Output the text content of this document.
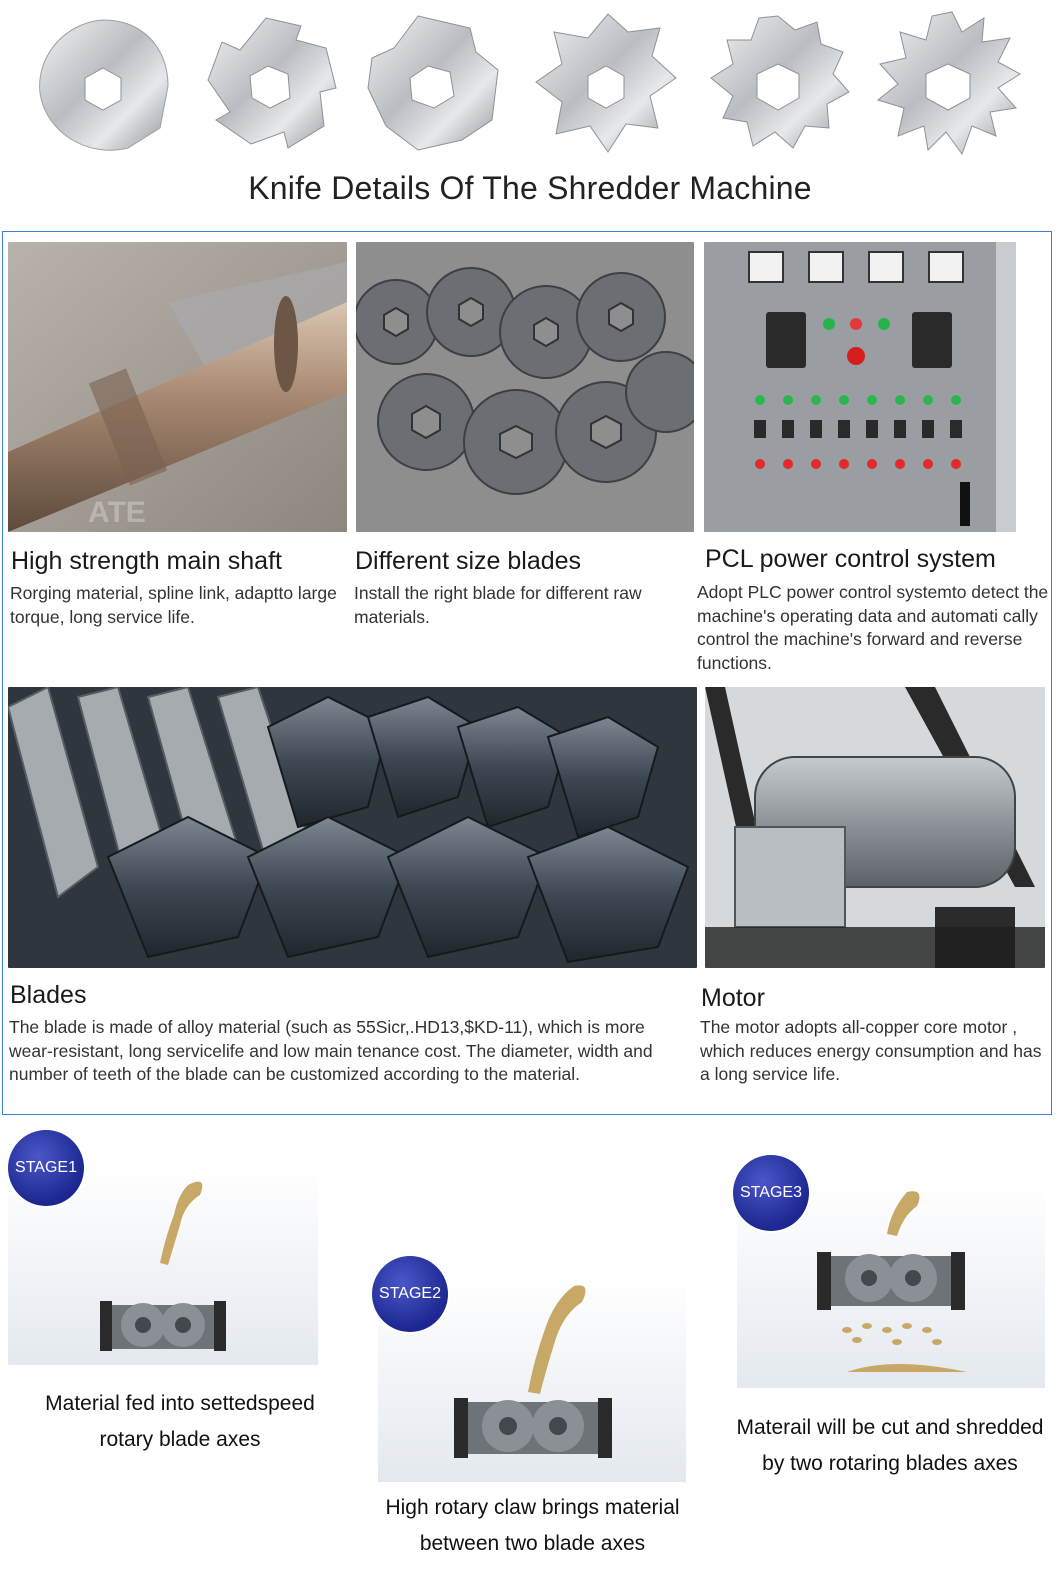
Knife Details Of The Shredder Machine
ATE
High strength main shaft
Rorging material, spline link, adaptto large torque, long service life.
Different size blades
Install the right blade for different raw materials.
PCL power control system
Adopt PLC power control systemto detect the machine's operating data and automati cally control the machine's forward and reverse functions.
Blades
The blade is made of alloy material (such as 55Sicr,.HD13,$KD-11), which is more wear-resistant, long servicelife and low main tenance cost. The diameter, width and number of teeth of the blade can be customized according to the material.
Motor
The motor adopts all-copper core motor , which reduces energy consumption and has a long service life.
STAGE1
Material fed into settedspeed
rotary blade axes
STAGE2
High rotary claw brings material
between two blade axes
STAGE3
Materail will be cut and shredded
by two rotaring blades axes
